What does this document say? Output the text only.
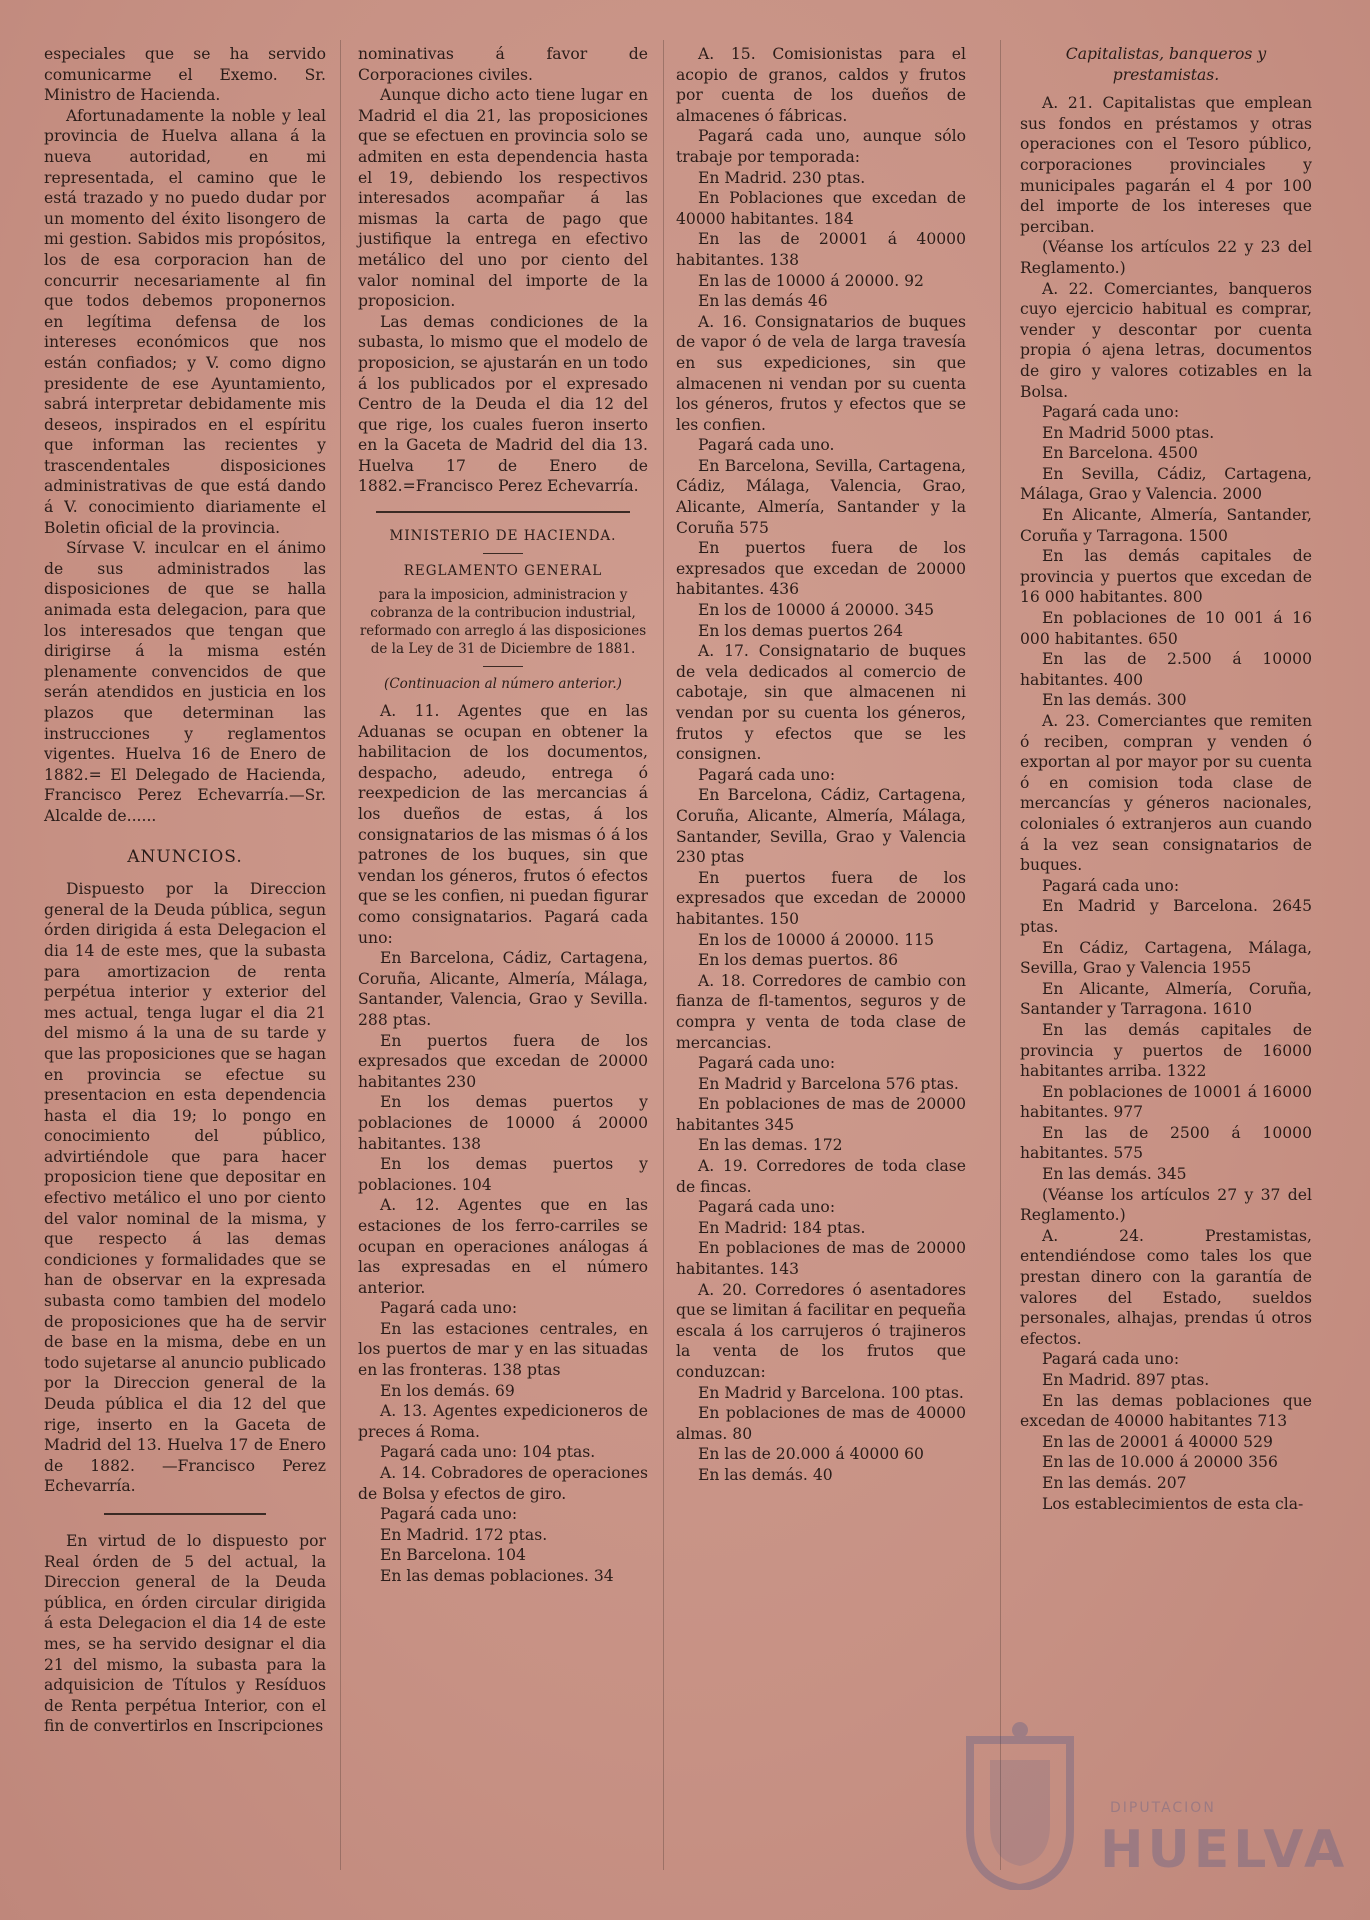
especiales que se ha servido comunicarme el Exemo. Sr. Ministro de Hacienda.

Afortunadamente la noble y leal provincia de Huelva allana á la nueva autoridad, en mi representada, el camino que le está trazado y no puedo dudar por un momento del éxito lisongero de mi gestion. Sabidos mis propósitos, los de esa corporacion han de concurrir necesariamente al fin que todos debemos proponernos en legítima defensa de los intereses económicos que nos están confiados; y V. como digno presidente de ese Ayuntamiento, sabrá interpretar debidamente mis deseos, inspirados en el espíritu que informan las recientes y trascendentales disposiciones administrativas de que está dando á V. conocimiento diariamente el Boletin oficial de la provincia.

Sírvase V. inculcar en el ánimo de sus administrados las disposiciones de que se halla animada esta delegacion, para que los interesados que tengan que dirigirse á la misma estén plenamente convencidos de que serán atendidos en justicia en los plazos que determinan las instrucciones y reglamentos vigentes. Huelva 16 de Enero de 1882.= El Delegado de Hacienda, Francisco Perez Echevarría.—Sr. Alcalde de......

ANUNCIOS.

Dispuesto por la Direccion general de la Deuda pública, segun órden dirigida á esta Delegacion el dia 14 de este mes, que la subasta para amortizacion de renta perpétua interior y exterior del mes actual, tenga lugar el dia 21 del mismo á la una de su tarde y que las proposiciones que se hagan en provincia se efectue su presentacion en esta dependencia hasta el dia 19; lo pongo en conocimiento del público, advirtiéndole que para hacer proposicion tiene que depositar en efectivo metálico el uno por ciento del valor nominal de la misma, y que respecto á las demas condiciones y formalidades que se han de observar en la expresada subasta como tambien del modelo de proposiciones que ha de servir de base en la misma, debe en un todo sujetarse al anuncio publicado por la Direccion general de la Deuda pública el dia 12 del que rige, inserto en la Gaceta de Madrid del 13. Huelva 17 de Enero de 1882. —Francisco Perez Echevarría.

En virtud de lo dispuesto por Real órden de 5 del actual, la Direccion general de la Deuda pública, en órden circular dirigida á esta Delegacion el dia 14 de este mes, se ha servido designar el dia 21 del mismo, la subasta para la adquisicion de Títulos y Resíduos de Renta perpétua Interior, con el fin de convertirlos en Inscripciones

nominativas á favor de Corporaciones civiles.

Aunque dicho acto tiene lugar en Madrid el dia 21, las proposiciones que se efectuen en provincia solo se admiten en esta dependencia hasta el 19, debiendo los respectivos interesados acompañar á las mismas la carta de pago que justifique la entrega en efectivo metálico del uno por ciento del valor nominal del importe de la proposicion.

Las demas condiciones de la subasta, lo mismo que el modelo de proposicion, se ajustarán en un todo á los publicados por el expresado Centro de la Deuda el dia 12 del que rige, los cuales fueron inserto en la Gaceta de Madrid del dia 13. Huelva 17 de Enero de 1882.=Francisco Perez Echevarría.

MINISTERIO DE HACIENDA.

REGLAMENTO GENERAL

para la imposicion, administracion y cobranza de la contribucion industrial, reformado con arreglo á las disposiciones de la Ley de 31 de Diciembre de 1881.

(Continuacion al número anterior.)

A. 11. Agentes que en las Aduanas se ocupan en obtener la habilitacion de los documentos, despacho, adeudo, entrega ó reexpedicion de las mercancias á los dueños de estas, á los consignatarios de las mismas ó á los patrones de los buques, sin que vendan los géneros, frutos ó efectos que se les confien, ni puedan figurar como consignatarios. Pagará cada uno:

En Barcelona, Cádiz, Cartagena, Coruña, Alicante, Almería, Málaga, Santander, Valencia, Grao y Sevilla. 288 ptas.

En puertos fuera de los expresados que excedan de 20000 habitantes 230

En los demas puertos y poblaciones de 10000 á 20000 habitantes. 138

En los demas puertos y poblaciones. 104

A. 12. Agentes que en las estaciones de los ferro-carriles se ocupan en operaciones análogas á las expresadas en el número anterior.

Pagará cada uno:

En las estaciones centrales, en los puertos de mar y en las situadas en las fronteras. 138 ptas

En los demás. 69

A. 13. Agentes expedicioneros de preces á Roma.

Pagará cada uno: 104 ptas.

A. 14. Cobradores de operaciones de Bolsa y efectos de giro.

Pagará cada uno:

En Madrid. 172 ptas.

En Barcelona. 104

En las demas poblaciones. 34

A. 15. Comisionistas para el acopio de granos, caldos y frutos por cuenta de los dueños de almacenes ó fábricas.

Pagará cada uno, aunque sólo trabaje por temporada:

En Madrid. 230 ptas.

En Poblaciones que excedan de 40000 habitantes. 184

En las de 20001 á 40000 habitantes. 138

En las de 10000 á 20000. 92

En las demás 46

A. 16. Consignatarios de buques de vapor ó de vela de larga travesía en sus expediciones, sin que almacenen ni vendan por su cuenta los géneros, frutos y efectos que se les confien.

Pagará cada uno.

En Barcelona, Sevilla, Cartagena, Cádiz, Málaga, Valencia, Grao, Alicante, Almería, Santander y la Coruña 575

En puertos fuera de los expresados que excedan de 20000 habitantes. 436

En los de 10000 á 20000. 345

En los demas puertos 264

A. 17. Consignatario de buques de vela dedicados al comercio de cabotaje, sin que almacenen ni vendan por su cuenta los géneros, frutos y efectos que se les consignen.

Pagará cada uno:

En Barcelona, Cádiz, Cartagena, Coruña, Alicante, Almería, Málaga, Santander, Sevilla, Grao y Valencia 230 ptas

En puertos fuera de los expresados que excedan de 20000 habitantes. 150

En los de 10000 á 20000. 115

En los demas puertos. 86

A. 18. Corredores de cambio con fianza de fl-tamentos, seguros y de compra y venta de toda clase de mercancias.

Pagará cada uno:

En Madrid y Barcelona 576 ptas.

En poblaciones de mas de 20000 habitantes 345

En las demas. 172

A. 19. Corredores de toda clase de fincas.

Pagará cada uno:

En Madrid: 184 ptas.

En poblaciones de mas de 20000 habitantes. 143

A. 20. Corredores ó asentadores que se limitan á facilitar en pequeña escala á los carrujeros ó trajineros la venta de los frutos que conduzcan:

En Madrid y Barcelona. 100 ptas.

En poblaciones de mas de 40000 almas. 80

En las de 20.000 á 40000 60

En las demás. 40

Capitalistas, banqueros y prestamistas.

A. 21. Capitalistas que emplean sus fondos en préstamos y otras operaciones con el Tesoro público, corporaciones provinciales y municipales pagarán el 4 por 100 del importe de los intereses que perciban.

(Véanse los artículos 22 y 23 del Reglamento.)

A. 22. Comerciantes, banqueros cuyo ejercicio habitual es comprar, vender y descontar por cuenta propia ó ajena letras, documentos de giro y valores cotizables en la Bolsa.

Pagará cada uno:

En Madrid 5000 ptas.

En Barcelona. 4500

En Sevilla, Cádiz, Cartagena, Málaga, Grao y Valencia. 2000

En Alicante, Almería, Santander, Coruña y Tarragona. 1500

En las demás capitales de provincia y puertos que excedan de 16 000 habitantes. 800

En poblaciones de 10 001 á 16 000 habitantes. 650

En las de 2.500 á 10000 habitantes. 400

En las demás. 300

A. 23. Comerciantes que remiten ó reciben, compran y venden ó exportan al por mayor por su cuenta ó en comision toda clase de mercancías y géneros nacionales, coloniales ó extranjeros aun cuando á la vez sean consignatarios de buques.

Pagará cada uno:

En Madrid y Barcelona. 2645 ptas.

En Cádiz, Cartagena, Málaga, Sevilla, Grao y Valencia 1955

En Alicante, Almería, Coruña, Santander y Tarragona. 1610

En las demás capitales de provincia y puertos de 16000 habitantes arriba. 1322

En poblaciones de 10001 á 16000 habitantes. 977

En las de 2500 á 10000 habitantes. 575

En las demás. 345

(Véanse los artículos 27 y 37 del Reglamento.)

A. 24. Prestamistas, entendiéndose como tales los que prestan dinero con la garantía de valores del Estado, sueldos personales, alhajas, prendas ú otros efectos.

Pagará cada uno:

En Madrid. 897 ptas.

En las demas poblaciones que excedan de 40000 habitantes 713

En las de 20001 á 40000 529

En las de 10.000 á 20000 356

En las demás. 207

Los establecimientos de esta cla-

DIPUTACION
HUELVA
